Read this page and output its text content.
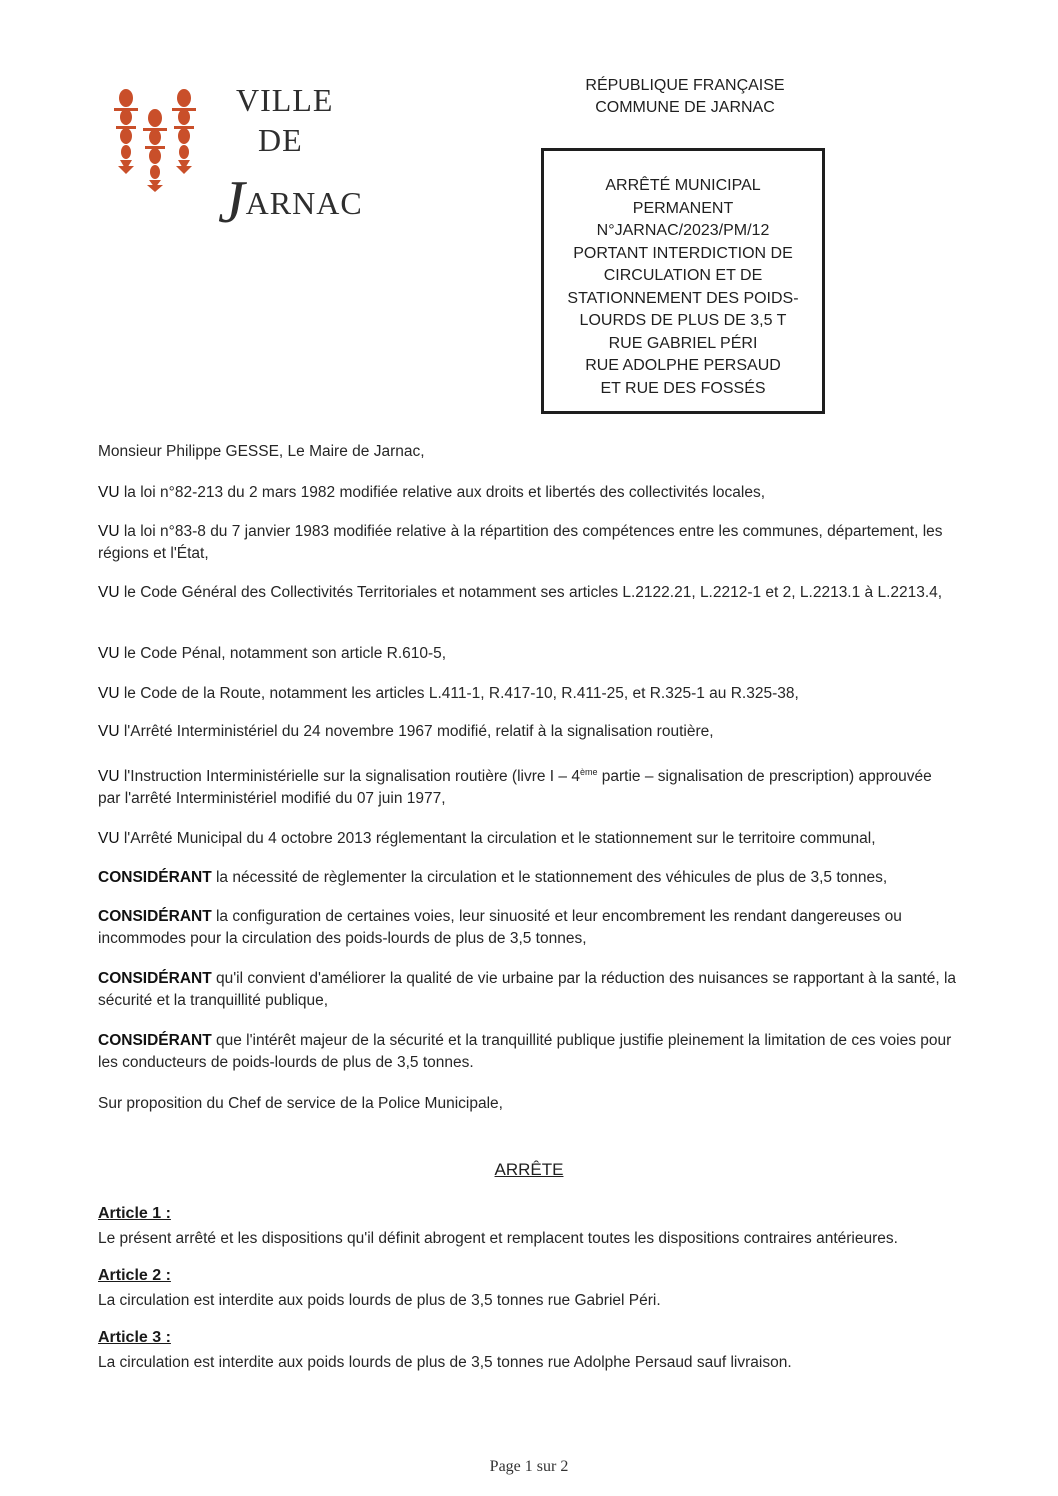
VILLE
DE
JARNAC
RÉPUBLIQUE FRANÇAISE
COMMUNE DE JARNAC
ARRÊTÉ MUNICIPAL
PERMANENT
N°JARNAC/2023/PM/12
PORTANT INTERDICTION DE
CIRCULATION ET DE
STATIONNEMENT DES POIDS-
LOURDS DE PLUS DE 3,5 T
RUE GABRIEL PÉRI
RUE ADOLPHE PERSAUD
ET RUE DES FOSSÉS

Monsieur Philippe GESSE, Le Maire de Jarnac,

VU la loi n°82-213 du 2 mars 1982 modifiée relative aux droits et libertés des collectivités locales,

VU la loi n°83-8 du 7 janvier 1983 modifiée relative à la répartition des compétences entre les communes, département, les régions et l'État,

VU le Code Général des Collectivités Territoriales et notamment ses articles L.2122.21, L.2212-1 et 2, L.2213.1 à L.2213.4,

VU le Code Pénal, notamment son article R.610-5,

VU le Code de la Route, notamment les articles L.411-1, R.417-10, R.411-25, et R.325-1 au R.325-38,

VU l'Arrêté Interministériel du 24 novembre 1967 modifié, relatif à la signalisation routière,

VU l'Instruction Interministérielle sur la signalisation routière (livre I – 4ème partie – signalisation de prescription) approuvée par l'arrêté Interministériel modifié du 07 juin 1977,

VU l'Arrêté Municipal du 4 octobre 2013 réglementant la circulation et le stationnement sur le territoire communal,

CONSIDÉRANT la nécessité de règlementer la circulation et le stationnement des véhicules de plus de 3,5 tonnes,

CONSIDÉRANT la configuration de certaines voies, leur sinuosité et leur encombrement les rendant dangereuses ou incommodes pour la circulation des poids-lourds de plus de 3,5 tonnes,

CONSIDÉRANT qu'il convient d'améliorer la qualité de vie urbaine par la réduction des nuisances se rapportant à la santé, la sécurité et la tranquillité publique,

CONSIDÉRANT que l'intérêt majeur de la sécurité et la tranquillité publique justifie pleinement la limitation de ces voies pour les conducteurs de poids-lourds de plus de 3,5 tonnes.

Sur proposition du Chef de service de la Police Municipale,

ARRÊTE
Article 1 :
Le présent arrêté et les dispositions qu'il définit abrogent et remplacent toutes les dispositions contraires antérieures.
Article 2 :
La circulation est interdite aux poids lourds de plus de 3,5 tonnes rue Gabriel Péri.
Article 3 :
La circulation est interdite aux poids lourds de plus de 3,5 tonnes rue Adolphe Persaud sauf livraison.
Page 1 sur 2
